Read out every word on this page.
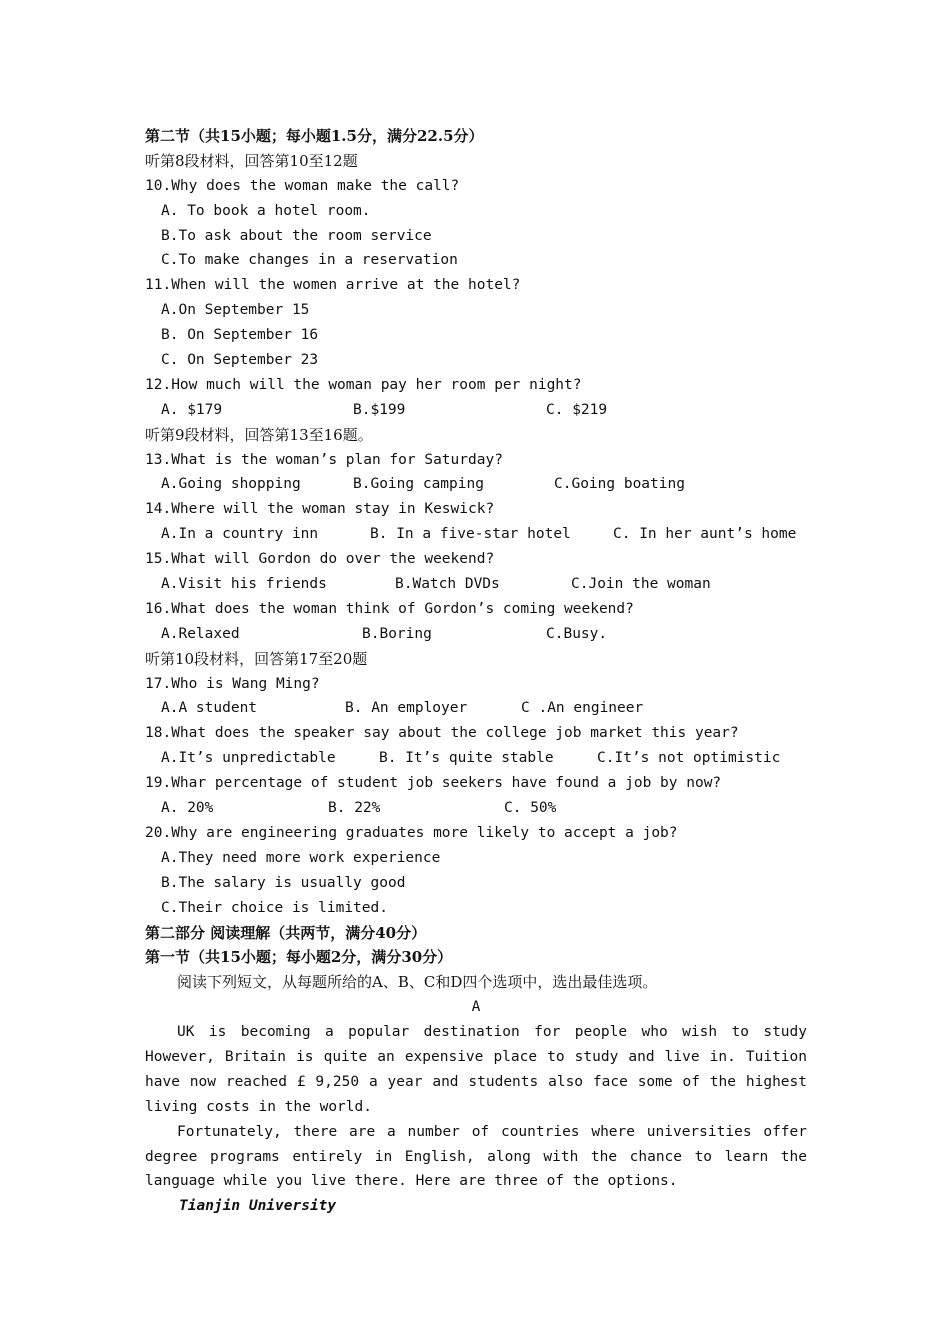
第二节（共15小题；每小题1.5分，满分22.5分）
听第8段材料，回答第10至12题
10.Why does the woman make the call?
A. To book a hotel room.
B.To ask about the room service
C.To make changes in a reservation
11.When will the women arrive at the hotel?
A.On September 15
B. On September 16
C. On September 23
12.How much will the woman pay her room per night?
A. $179	B.$199	C. $219
听第9段材料，回答第13至16题。
13.What is the woman’s plan for Saturday?
A.Going shopping	B.Going camping	C.Going boating
14.Where will the woman stay in Keswick?
A.In a country inn	B. In a five-star hotel	C. In her aunt’s home
15.What will Gordon do over the weekend?
A.Visit his friends	B.Watch DVDs	C.Join the woman
16.What does the woman think of Gordon’s coming weekend?
A.Relaxed	B.Boring	C.Busy.
听第10段材料，回答第17至20题
17.Who is Wang Ming?
A.A student	B. An employer	C .An engineer
18.What does the speaker say about the college job market this year?
A.It’s unpredictable	B. It’s quite stable	C.It’s not optimistic
19.Whar percentage of student job seekers have found a job by now?
A. 20%	B. 22%	C. 50%
20.Why are engineering graduates more likely to accept a job?
A.They need more work experience
B.The salary is usually good
C.Their choice is limited.
第二部分 阅读理解（共两节，满分40分）
第一节（共15小题；每小题2分，满分30分）
阅读下列短文，从每题所给的A、B、C和D四个选项中，选出最佳选项。
A
UK is becoming a popular destination for people who wish to study
However, Britain is quite an expensive place to study and live in. Tuition
have now reached £ 9,250 a year and students also face some of the highest
living costs in the world.
Fortunately, there are a number of countries where universities offer
degree programs entirely in English, along with the chance to learn the
language while you live there. Here are three of the options.
Tianjin University
